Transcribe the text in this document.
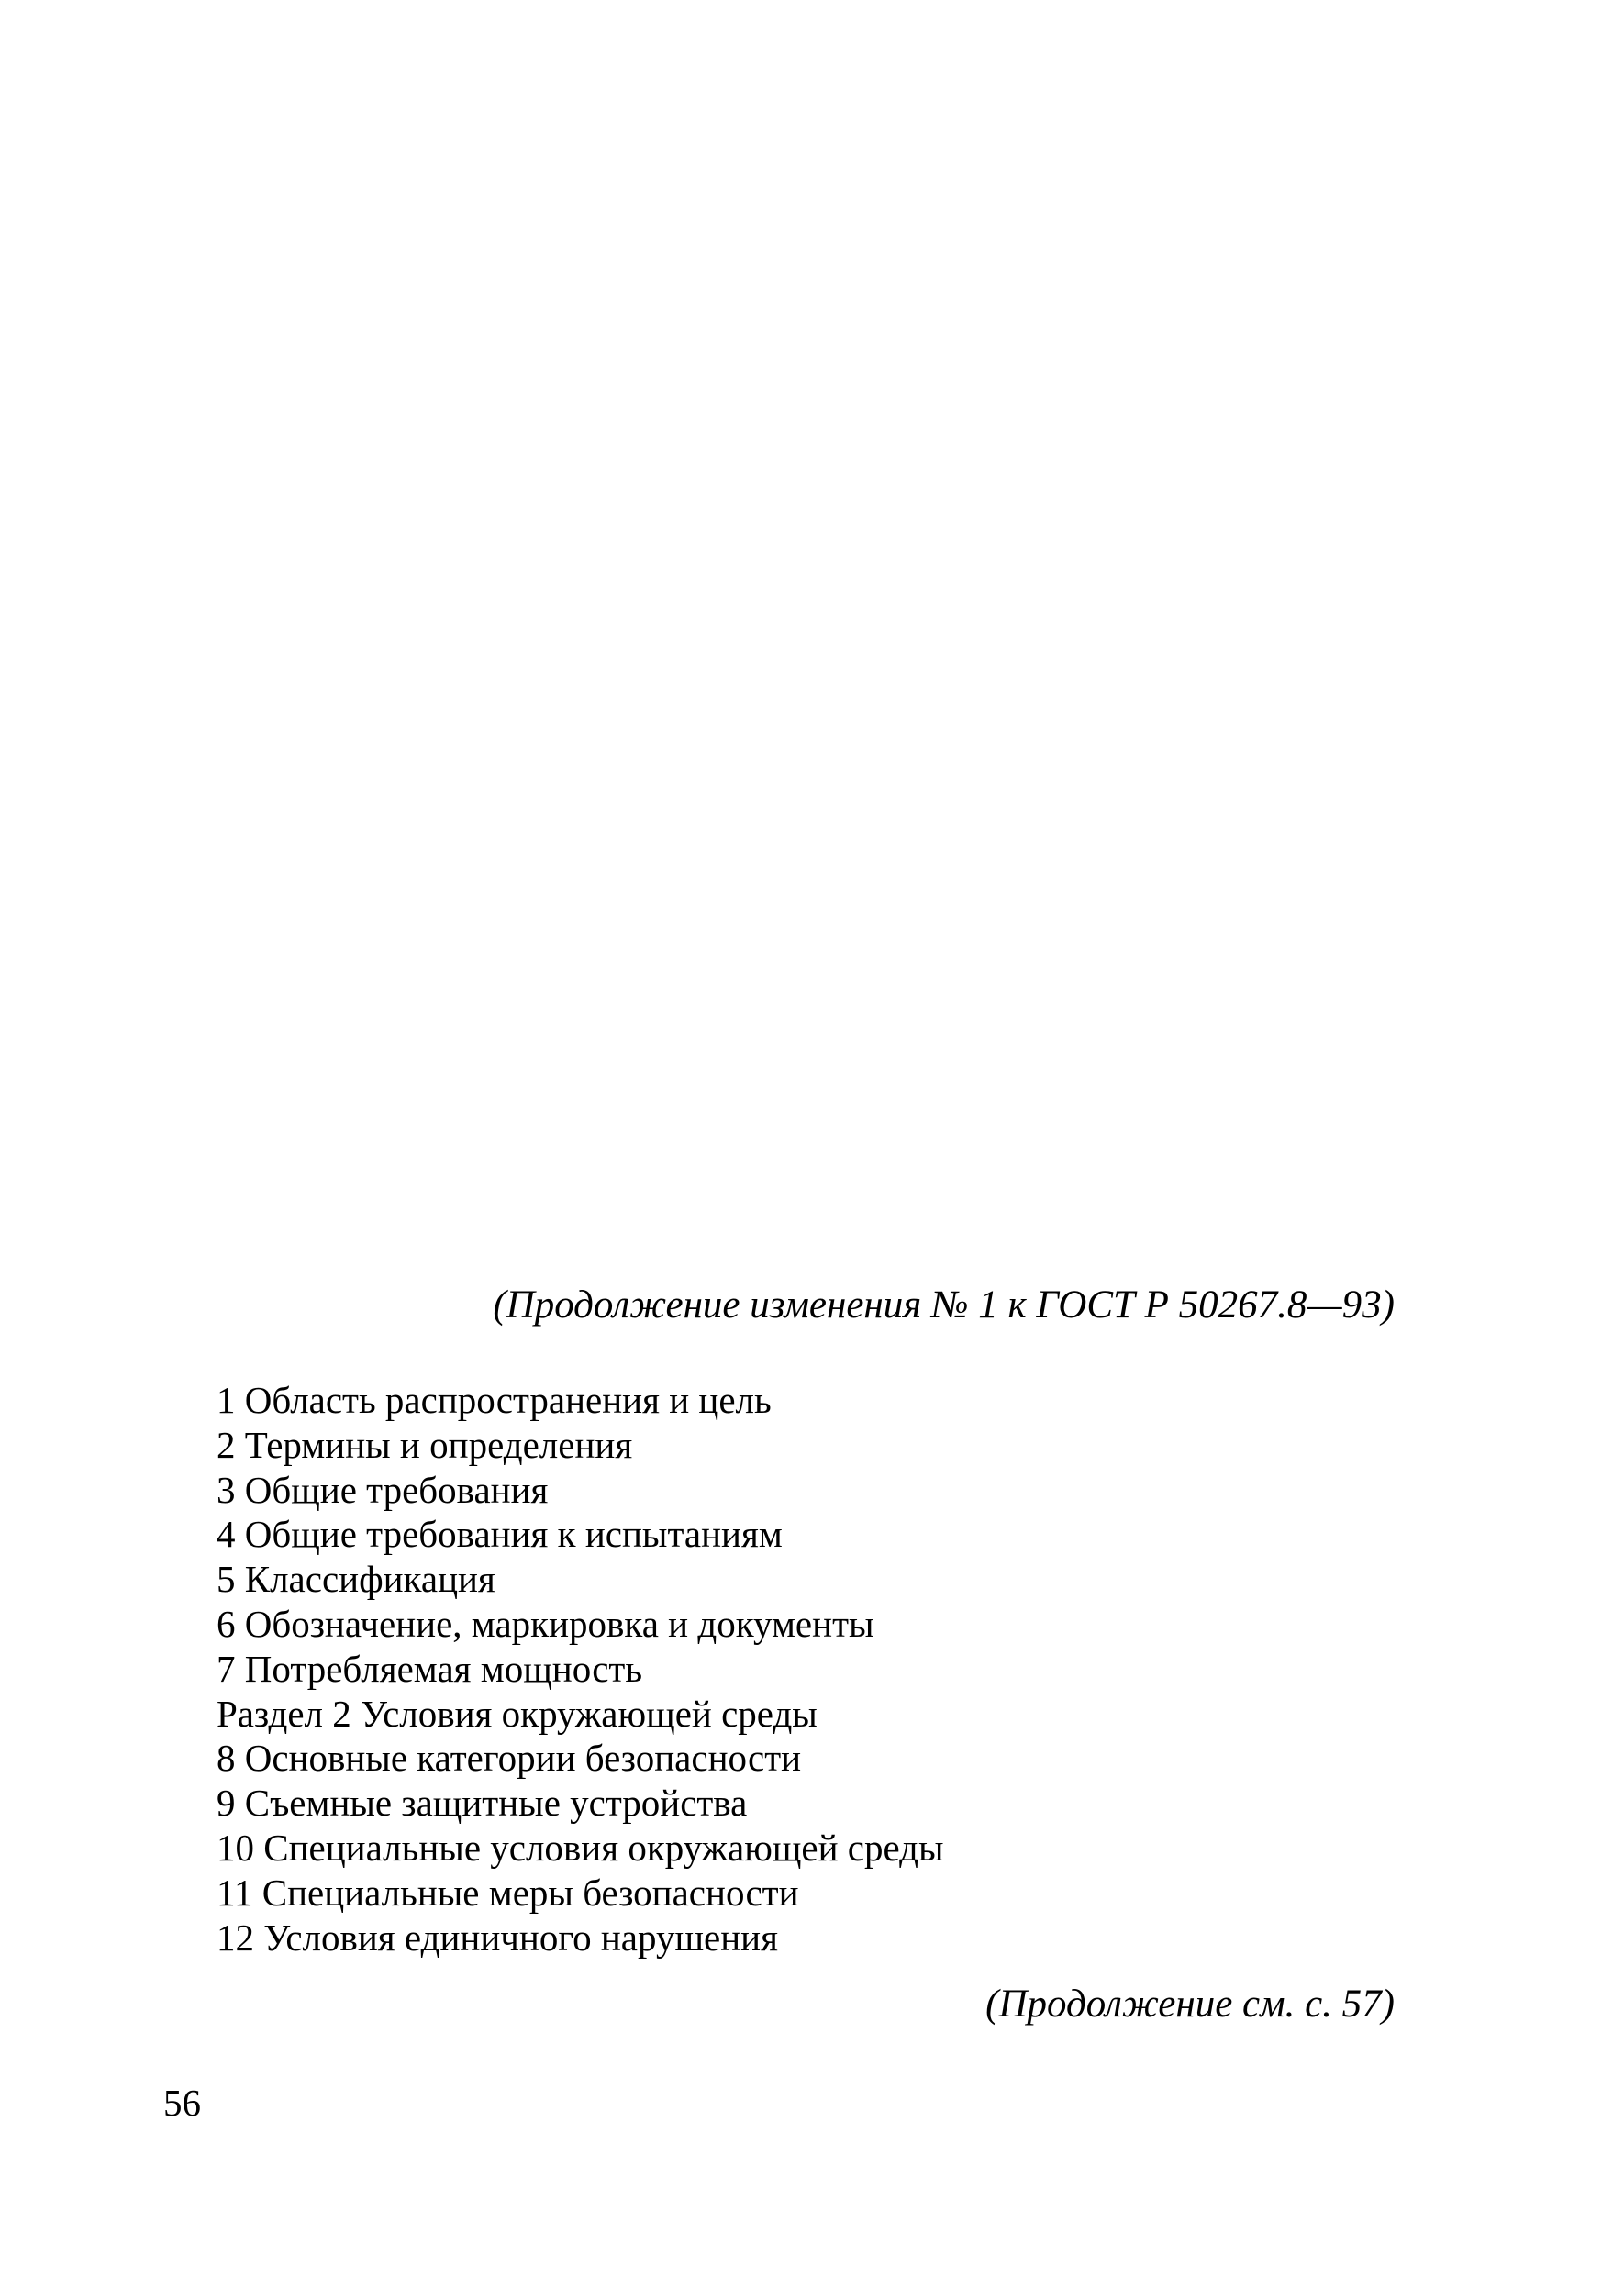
(Продолжение изменения № 1 к ГОСТ Р 50267.8—93)
1 Область распространения и цель
2 Термины и определения
3 Общие требования
4 Общие требования к испытаниям
5 Классификация
6 Обозначение, маркировка и документы
7 Потребляемая мощность
Раздел 2 Условия окружающей среды
8 Основные категории безопасности
9 Съемные защитные устройства
10 Специальные условия окружающей среды
11 Специальные меры безопасности
12 Условия единичного нарушения
(Продолжение см. с. 57)
56
